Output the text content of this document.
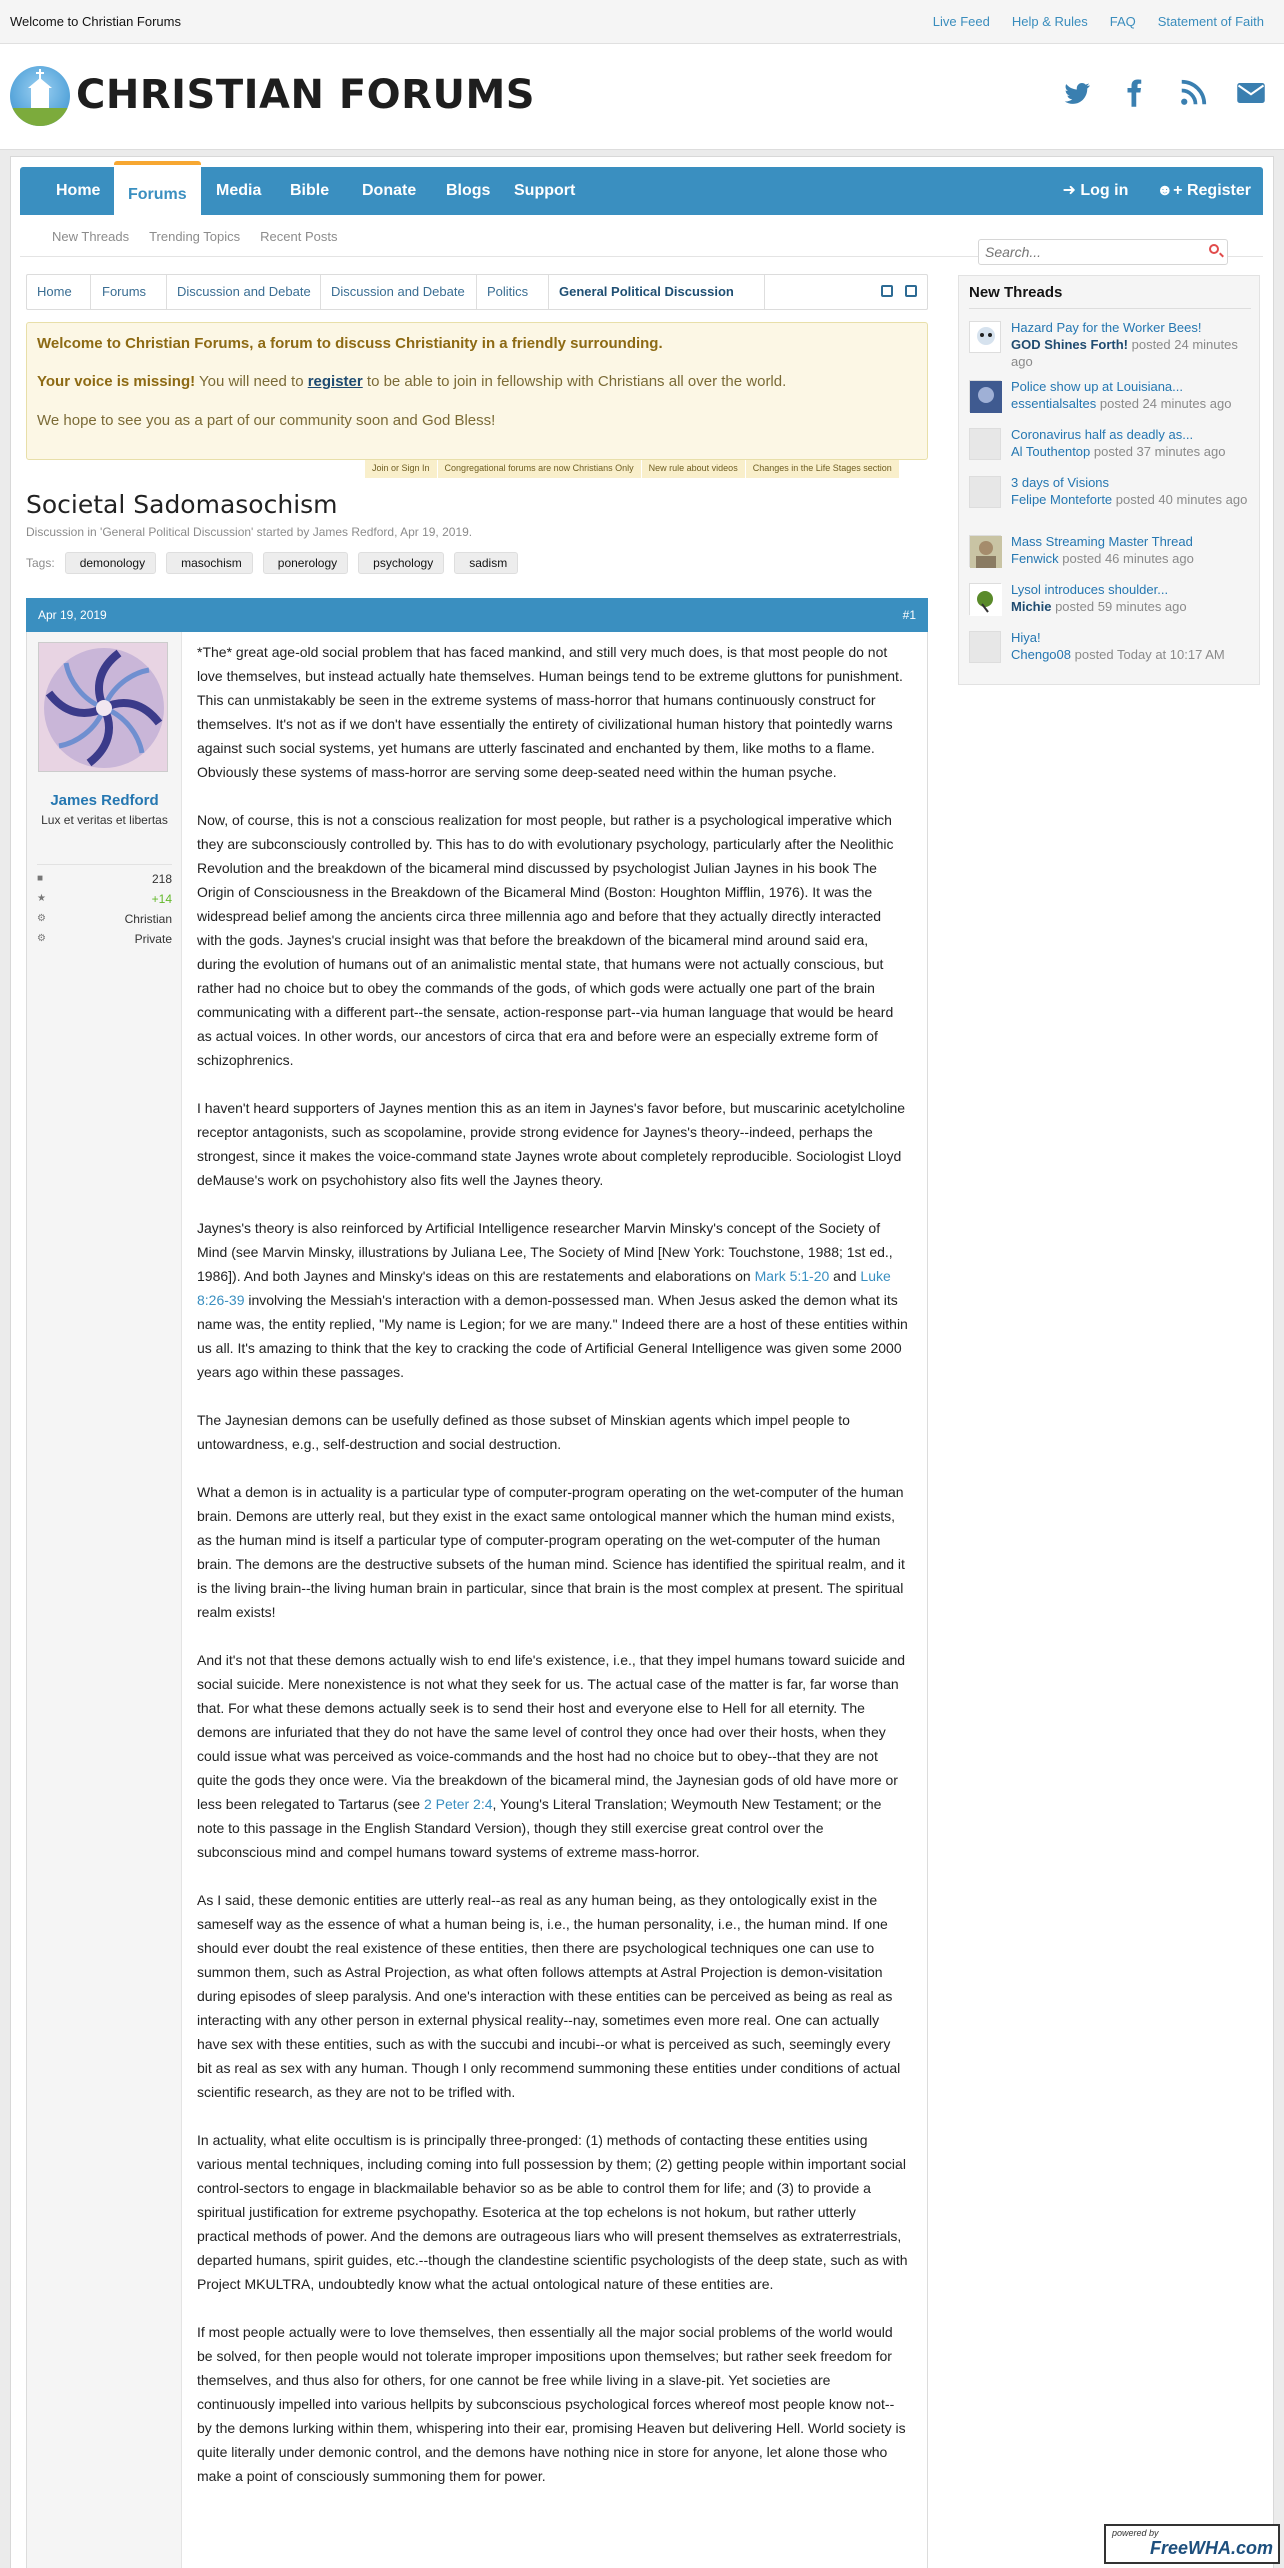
Welcome to Christian Forums	Live Feed Help & Rules FAQ Statement of Faith
CHRISTIAN FORUMS
Home	Forums	Media	Bible	Donate	Blogs	Support	➜ Log in ☻+ Register
New Threads Trending Topics Recent Posts
Search...
Home Forums Discussion and Debate Discussion and Debate Politics General Political Discussion

Welcome to Christian Forums, a forum to discuss Christianity in a friendly surrounding.

Your voice is missing! You will need to register to be able to join in fellowship with Christians all over the world.

We hope to see you as a part of our community soon and God Bless!

Join or Sign In	Congregational forums are now Christians Only	New rule about videos	Changes in the Life Stages section
Societal Sadomasochism
Discussion in 'General Political Discussion' started by James Redford, Apr 19, 2019.
Tags:	demonology	masochism	ponerology	psychology	sadism
Apr 19, 2019	#1
James Redford
Lux et veritas et libertas
■	218
★	+14
⚙	Christian
⚙	Private

*The* great age-old social problem that has faced mankind, and still very much does, is that most people do not love themselves, but instead actually hate themselves. Human beings tend to be extreme gluttons for punishment. This can unmistakably be seen in the extreme systems of mass-horror that humans continuously construct for themselves. It's not as if we don't have essentially the entirety of civilizational human history that pointedly warns against such social systems, yet humans are utterly fascinated and enchanted by them, like moths to a flame. Obviously these systems of mass-horror are serving some deep-seated need within the human psyche.

Now, of course, this is not a conscious realization for most people, but rather is a psychological imperative which they are subconsciously controlled by. This has to do with evolutionary psychology, particularly after the Neolithic Revolution and the breakdown of the bicameral mind discussed by psychologist Julian Jaynes in his book The Origin of Consciousness in the Breakdown of the Bicameral Mind (Boston: Houghton Mifflin, 1976). It was the widespread belief among the ancients circa three millennia ago and before that they actually directly interacted with the gods. Jaynes's crucial insight was that before the breakdown of the bicameral mind around said era, during the evolution of humans out of an animalistic mental state, that humans were not actually conscious, but rather had no choice but to obey the commands of the gods, of which gods were actually one part of the brain communicating with a different part--the sensate, action-response part--via human language that would be heard as actual voices. In other words, our ancestors of circa that era and before were an especially extreme form of schizophrenics.

I haven't heard supporters of Jaynes mention this as an item in Jaynes's favor before, but muscarinic acetylcholine receptor antagonists, such as scopolamine, provide strong evidence for Jaynes's theory--indeed, perhaps the strongest, since it makes the voice-command state Jaynes wrote about completely reproducible. Sociologist Lloyd deMause's work on psychohistory also fits well the Jaynes theory.

Jaynes's theory is also reinforced by Artificial Intelligence researcher Marvin Minsky's concept of the Society of Mind (see Marvin Minsky, illustrations by Juliana Lee, The Society of Mind [New York: Touchstone, 1988; 1st ed., 1986]). And both Jaynes and Minsky's ideas on this are restatements and elaborations on Mark 5:1-20 and Luke 8:26-39 involving the Messiah's interaction with a demon-possessed man. When Jesus asked the demon what its name was, the entity replied, "My name is Legion; for we are many." Indeed there are a host of these entities within us all. It's amazing to think that the key to cracking the code of Artificial General Intelligence was given some 2000 years ago within these passages.

The Jaynesian demons can be usefully defined as those subset of Minskian agents which impel people to untowardness, e.g., self-destruction and social destruction.

What a demon is in actuality is a particular type of computer-program operating on the wet-computer of the human brain. Demons are utterly real, but they exist in the exact same ontological manner which the human mind exists, as the human mind is itself a particular type of computer-program operating on the wet-computer of the human brain. The demons are the destructive subsets of the human mind. Science has identified the spiritual realm, and it is the living brain--the living human brain in particular, since that brain is the most complex at present. The spiritual realm exists!

And it's not that these demons actually wish to end life's existence, i.e., that they impel humans toward suicide and social suicide. Mere nonexistence is not what they seek for us. The actual case of the matter is far, far worse than that. For what these demons actually seek is to send their host and everyone else to Hell for all eternity. The demons are infuriated that they do not have the same level of control they once had over their hosts, when they could issue what was perceived as voice-commands and the host had no choice but to obey--that they are not quite the gods they once were. Via the breakdown of the bicameral mind, the Jaynesian gods of old have more or less been relegated to Tartarus (see 2 Peter 2:4, Young's Literal Translation; Weymouth New Testament; or the note to this passage in the English Standard Version), though they still exercise great control over the subconscious mind and compel humans toward systems of extreme mass-horror.

As I said, these demonic entities are utterly real--as real as any human being, as they ontologically exist in the sameself way as the essence of what a human being is, i.e., the human personality, i.e., the human mind. If one should ever doubt the real existence of these entities, then there are psychological techniques one can use to summon them, such as Astral Projection, as what often follows attempts at Astral Projection is demon-visitation during episodes of sleep paralysis. And one's interaction with these entities can be perceived as being as real as interacting with any other person in external physical reality--nay, sometimes even more real. One can actually have sex with these entities, such as with the succubi and incubi--or what is perceived as such, seemingly every bit as real as sex with any human. Though I only recommend summoning these entities under conditions of actual scientific research, as they are not to be trifled with.

In actuality, what elite occultism is is principally three-pronged: (1) methods of contacting these entities using various mental techniques, including coming into full possession by them; (2) getting people within important social control-sectors to engage in blackmailable behavior so as be able to control them for life; and (3) to provide a spiritual justification for extreme psychopathy. Esoterica at the top echelons is not hokum, but rather utterly practical methods of power. And the demons are outrageous liars who will present themselves as extraterrestrials, departed humans, spirit guides, etc.--though the clandestine scientific psychologists of the deep state, such as with Project MKULTRA, undoubtedly know what the actual ontological nature of these entities are.

If most people actually were to love themselves, then essentially all the major social problems of the world would be solved, for then people would not tolerate improper impositions upon themselves; but rather seek freedom for themselves, and thus also for others, for one cannot be free while living in a slave-pit. Yet societies are continuously impelled into various hellpits by subconscious psychological forces whereof most people know not--by the demons lurking within them, whispering into their ear, promising Heaven but delivering Hell. World society is quite literally under demonic control, and the demons have nothing nice in store for anyone, let alone those who make a point of consciously summoning them for power.

New Threads
Hazard Pay for the Worker Bees!
GOD Shines Forth! posted 24 minutes ago
Police show up at Louisiana...
essentialsaltes posted 24 minutes ago
Coronavirus half as deadly as...
Al Touthentop posted 37 minutes ago
3 days of Visions
Felipe Monteforte posted 40 minutes ago
Mass Streaming Master Thread
Fenwick posted 46 minutes ago
Lysol introduces shoulder...
Michie posted 59 minutes ago
Hiya!
Chengo08 posted Today at 10:17 AM
powered by
FreeWHA.com
